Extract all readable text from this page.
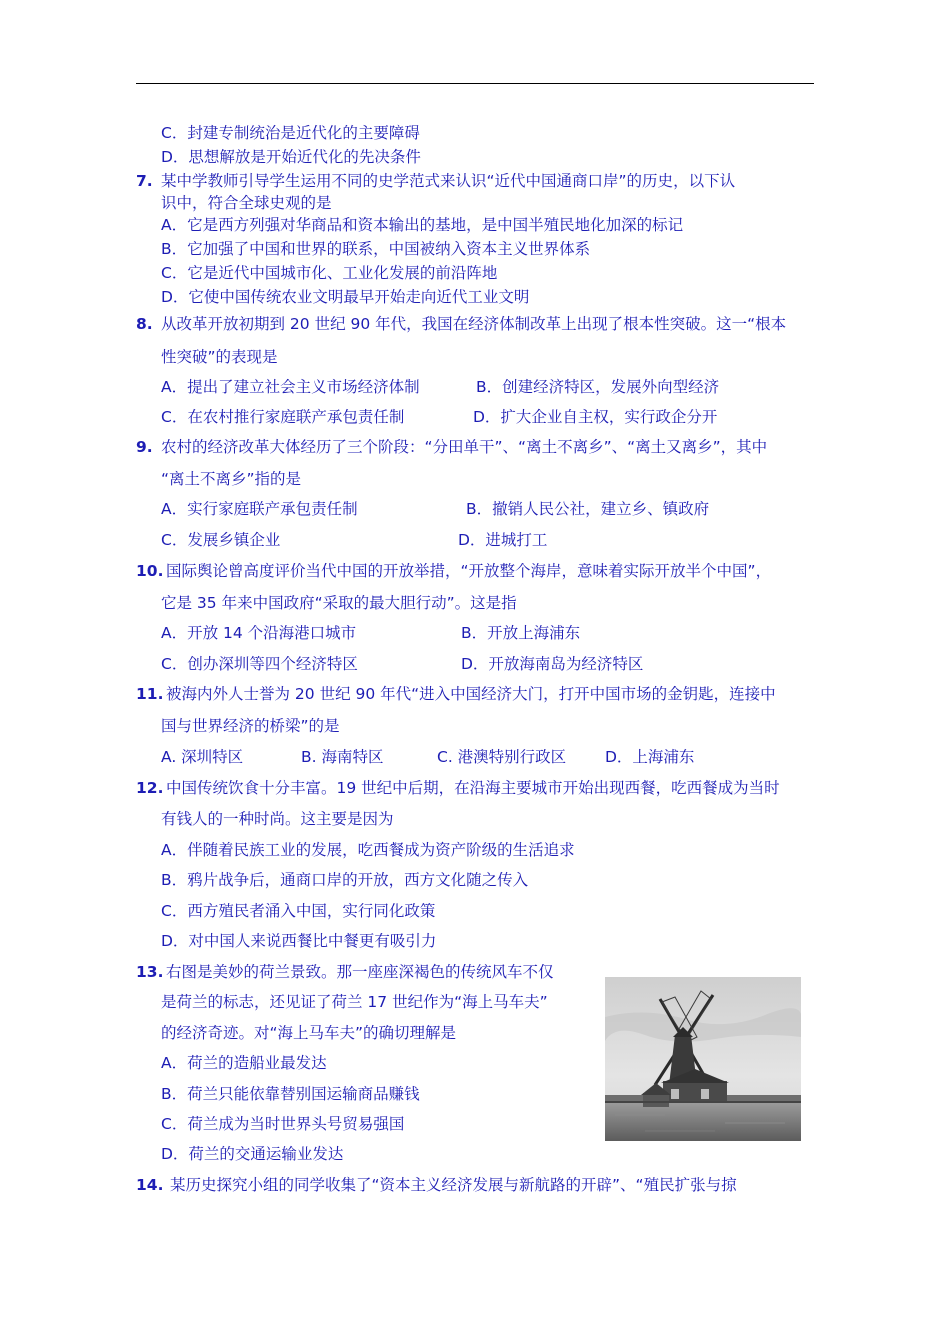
C．封建专制统治是近代化的主要障碍
D．思想解放是开始近代化的先决条件
7. 某中学教师引导学生运用不同的史学范式来认识“近代中国通商口岸”的历史，以下认
识中，符合全球史观的是
A．它是西方列强对华商品和资本输出的基地，是中国半殖民地化加深的标记
B．它加强了中国和世界的联系，中国被纳入资本主义世界体系
C．它是近代中国城市化、工业化发展的前沿阵地
D．它使中国传统农业文明最早开始走向近代工业文明
8. 从改革开放初期到 20 世纪 90 年代，我国在经济体制改革上出现了根本性突破。这一“根本
性突破”的表现是
A．提出了建立社会主义市场经济体制	B．创建经济特区，发展外向型经济
C．在农村推行家庭联产承包责任制	D．扩大企业自主权，实行政企分开
9. 农村的经济改革大体经历了三个阶段：“分田单干”、“离土不离乡”、“离土又离乡”，其中
“离土不离乡”指的是
A．实行家庭联产承包责任制	B．撤销人民公社，建立乡、镇政府
C．发展乡镇企业	D．进城打工
10. 国际舆论曾高度评价当代中国的开放举措，“开放整个海岸，意味着实际开放半个中国”，
它是 35 年来中国政府“采取的最大胆行动”。这是指
A．开放 14 个沿海港口城市	B．开放上海浦东
C．创办深圳等四个经济特区	D．开放海南岛为经济特区
11. 被海内外人士誉为 20 世纪 90 年代“进入中国经济大门，打开中国市场的金钥匙，连接中
国与世界经济的桥梁”的是
A. 深圳特区	B. 海南特区	C. 港澳特别行政区	D．上海浦东
12. 中国传统饮食十分丰富。19 世纪中后期，在沿海主要城市开始出现西餐，吃西餐成为当时
有钱人的一种时尚。这主要是因为
A．伴随着民族工业的发展，吃西餐成为资产阶级的生活追求
B．鸦片战争后，通商口岸的开放，西方文化随之传入
C．西方殖民者涌入中国，实行同化政策
D．对中国人来说西餐比中餐更有吸引力
13. 右图是美妙的荷兰景致。那一座座深褐色的传统风车不仅
是荷兰的标志，还见证了荷兰 17 世纪作为“海上马车夫”
的经济奇迹。对“海上马车夫”的确切理解是
A．荷兰的造船业最发达
B．荷兰只能依靠替别国运输商品赚钱
C．荷兰成为当时世界头号贸易强国
D．荷兰的交通运输业发达
14. 某历史探究小组的同学收集了“资本主义经济发展与新航路的开辟”、“殖民扩张与掠
